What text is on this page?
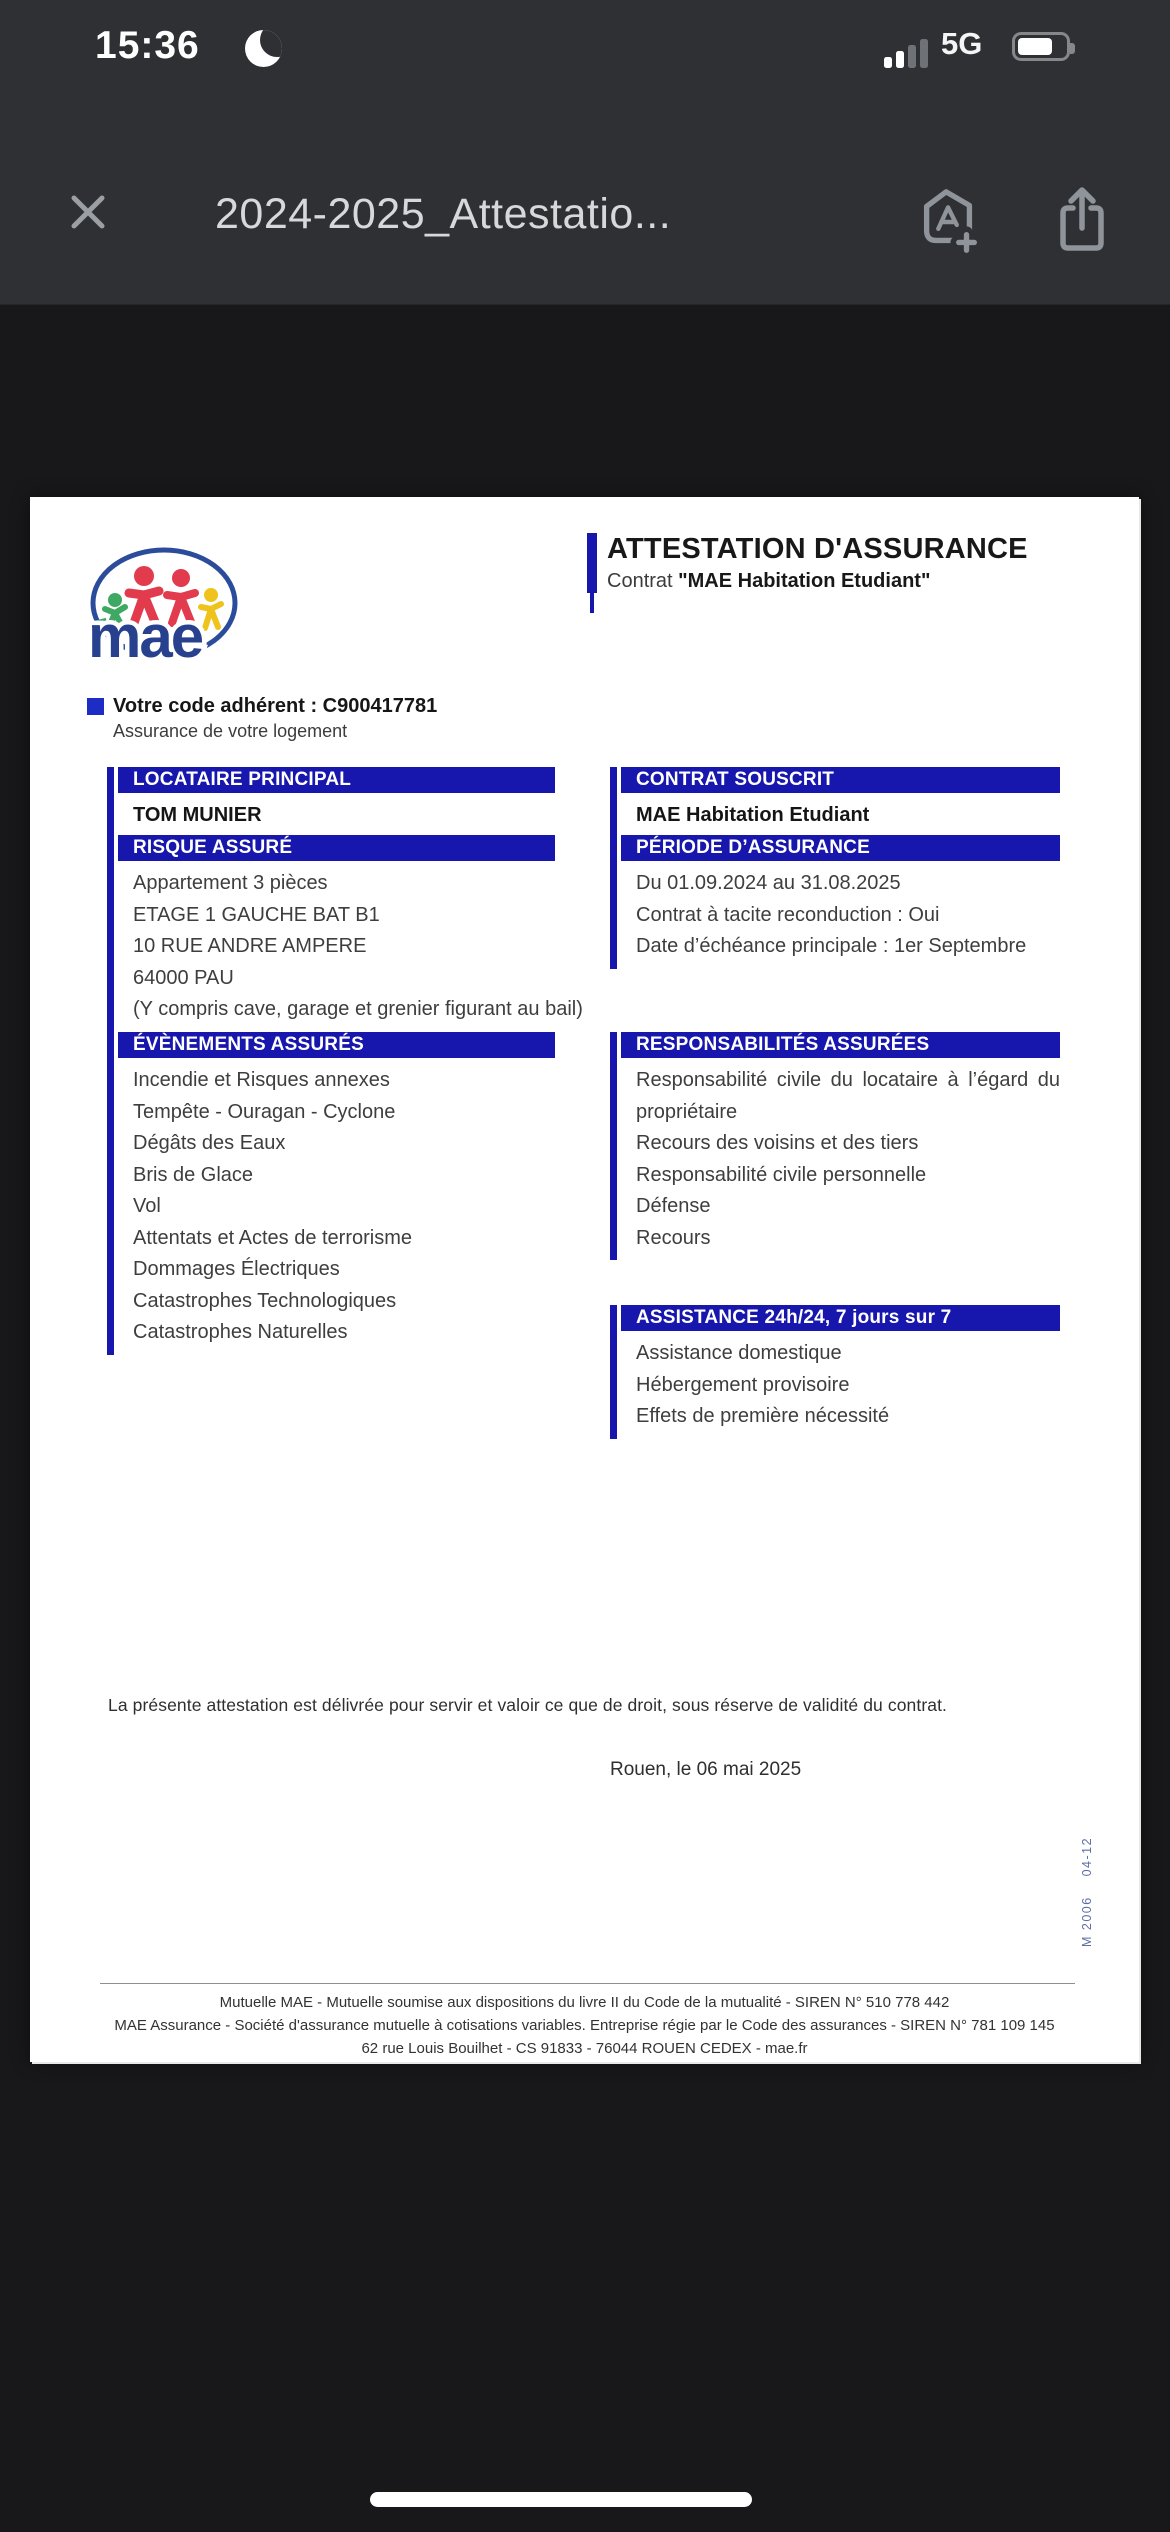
15:36	5G
2024-2025_Attestatio...
mae
ATTESTATION D'ASSURANCE
Contrat "MAE Habitation Etudiant"
Votre code adhérent : C900417781
Assurance de votre logement
LOCATAIRE PRINCIPAL
TOM MUNIER
CONTRAT SOUSCRIT
MAE Habitation Etudiant
RISQUE ASSURÉ
Appartement 3 pièces
ETAGE 1 GAUCHE BAT B1
10 RUE ANDRE AMPERE
64000 PAU
(Y compris cave, garage et grenier figurant au bail)
PÉRIODE D’ASSURANCE
Du 01.09.2024 au 31.08.2025
Contrat à tacite reconduction : Oui
Date d’échéance principale : 1er Septembre
ÉVÈNEMENTS ASSURÉS
Incendie et Risques annexes
Tempête - Ouragan - Cyclone
Dégâts des Eaux
Bris de Glace
Vol
Attentats et Actes de terrorisme
Dommages Électriques
Catastrophes Technologiques
Catastrophes Naturelles
RESPONSABILITÉS ASSURÉES
Responsabilité civile du locataire à l’égard du propriétaire
Recours des voisins et des tiers
Responsabilité civile personnelle
Défense
Recours
ASSISTANCE 24h/24, 7 jours sur 7
Assistance domestique
Hébergement provisoire
Effets de première nécessité
La présente attestation est délivrée pour servir et valoir ce que de droit, sous réserve de validité du contrat.
Rouen, le 06 mai 2025
M 2006    04-12
Mutuelle MAE - Mutuelle soumise aux dispositions du livre II du Code de la mutualité - SIREN N° 510 778 442
MAE Assurance - Société d'assurance mutuelle à cotisations variables. Entreprise régie par le Code des assurances - SIREN N° 781 109 145
62 rue Louis Bouilhet - CS 91833 - 76044 ROUEN CEDEX - mae.fr
